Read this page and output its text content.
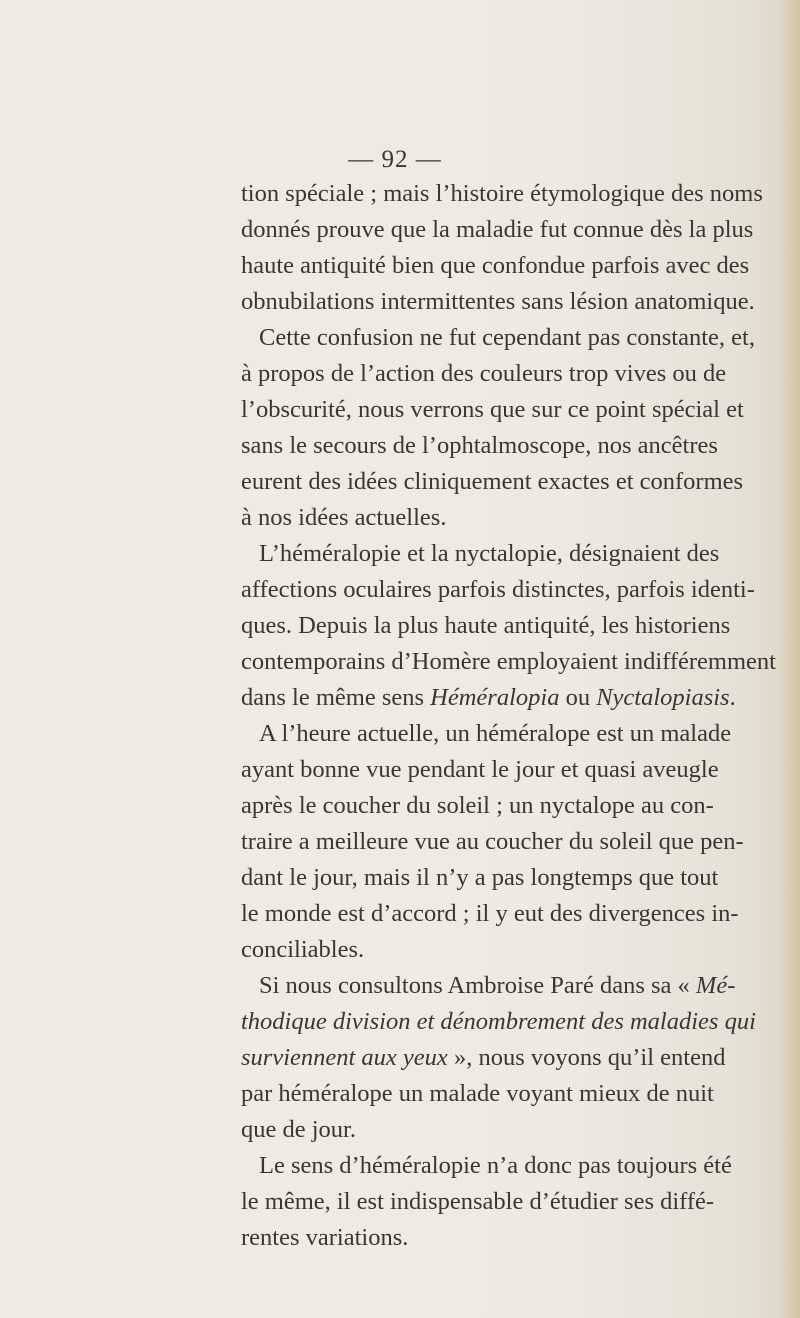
— 92 —
tion spéciale ; mais l’histoire étymologique des noms
donnés prouve que la maladie fut connue dès la plus
haute antiquité bien que confondue parfois avec des
obnubilations intermittentes sans lésion anatomique.
Cette confusion ne fut cependant pas constante, et,
à propos de l’action des couleurs trop vives ou de
l’obscurité, nous verrons que sur ce point spécial et
sans le secours de l’ophtalmoscope, nos ancêtres
eurent des idées cliniquement exactes et conformes
à nos idées actuelles.
L’héméralopie et la nyctalopie, désignaient des
affections oculaires parfois distinctes, parfois identi-
ques. Depuis la plus haute antiquité, les historiens
contemporains d’Homère employaient indifféremment
dans le même sens Héméralopia ou Nyctalopiasis.
A l’heure actuelle, un héméralope est un malade
ayant bonne vue pendant le jour et quasi aveugle
après le coucher du soleil ; un nyctalope au con-
traire a meilleure vue au coucher du soleil que pen-
dant le jour, mais il n’y a pas longtemps que tout
le monde est d’accord ; il y eut des divergences in-
conciliables.
Si nous consultons Ambroise Paré dans sa « Mé-
thodique division et dénombrement des maladies qui
surviennent aux yeux », nous voyons qu’il entend
par héméralope un malade voyant mieux de nuit
que de jour.
Le sens d’héméralopie n’a donc pas toujours été
le même, il est indispensable d’étudier ses diffé-
rentes variations.
